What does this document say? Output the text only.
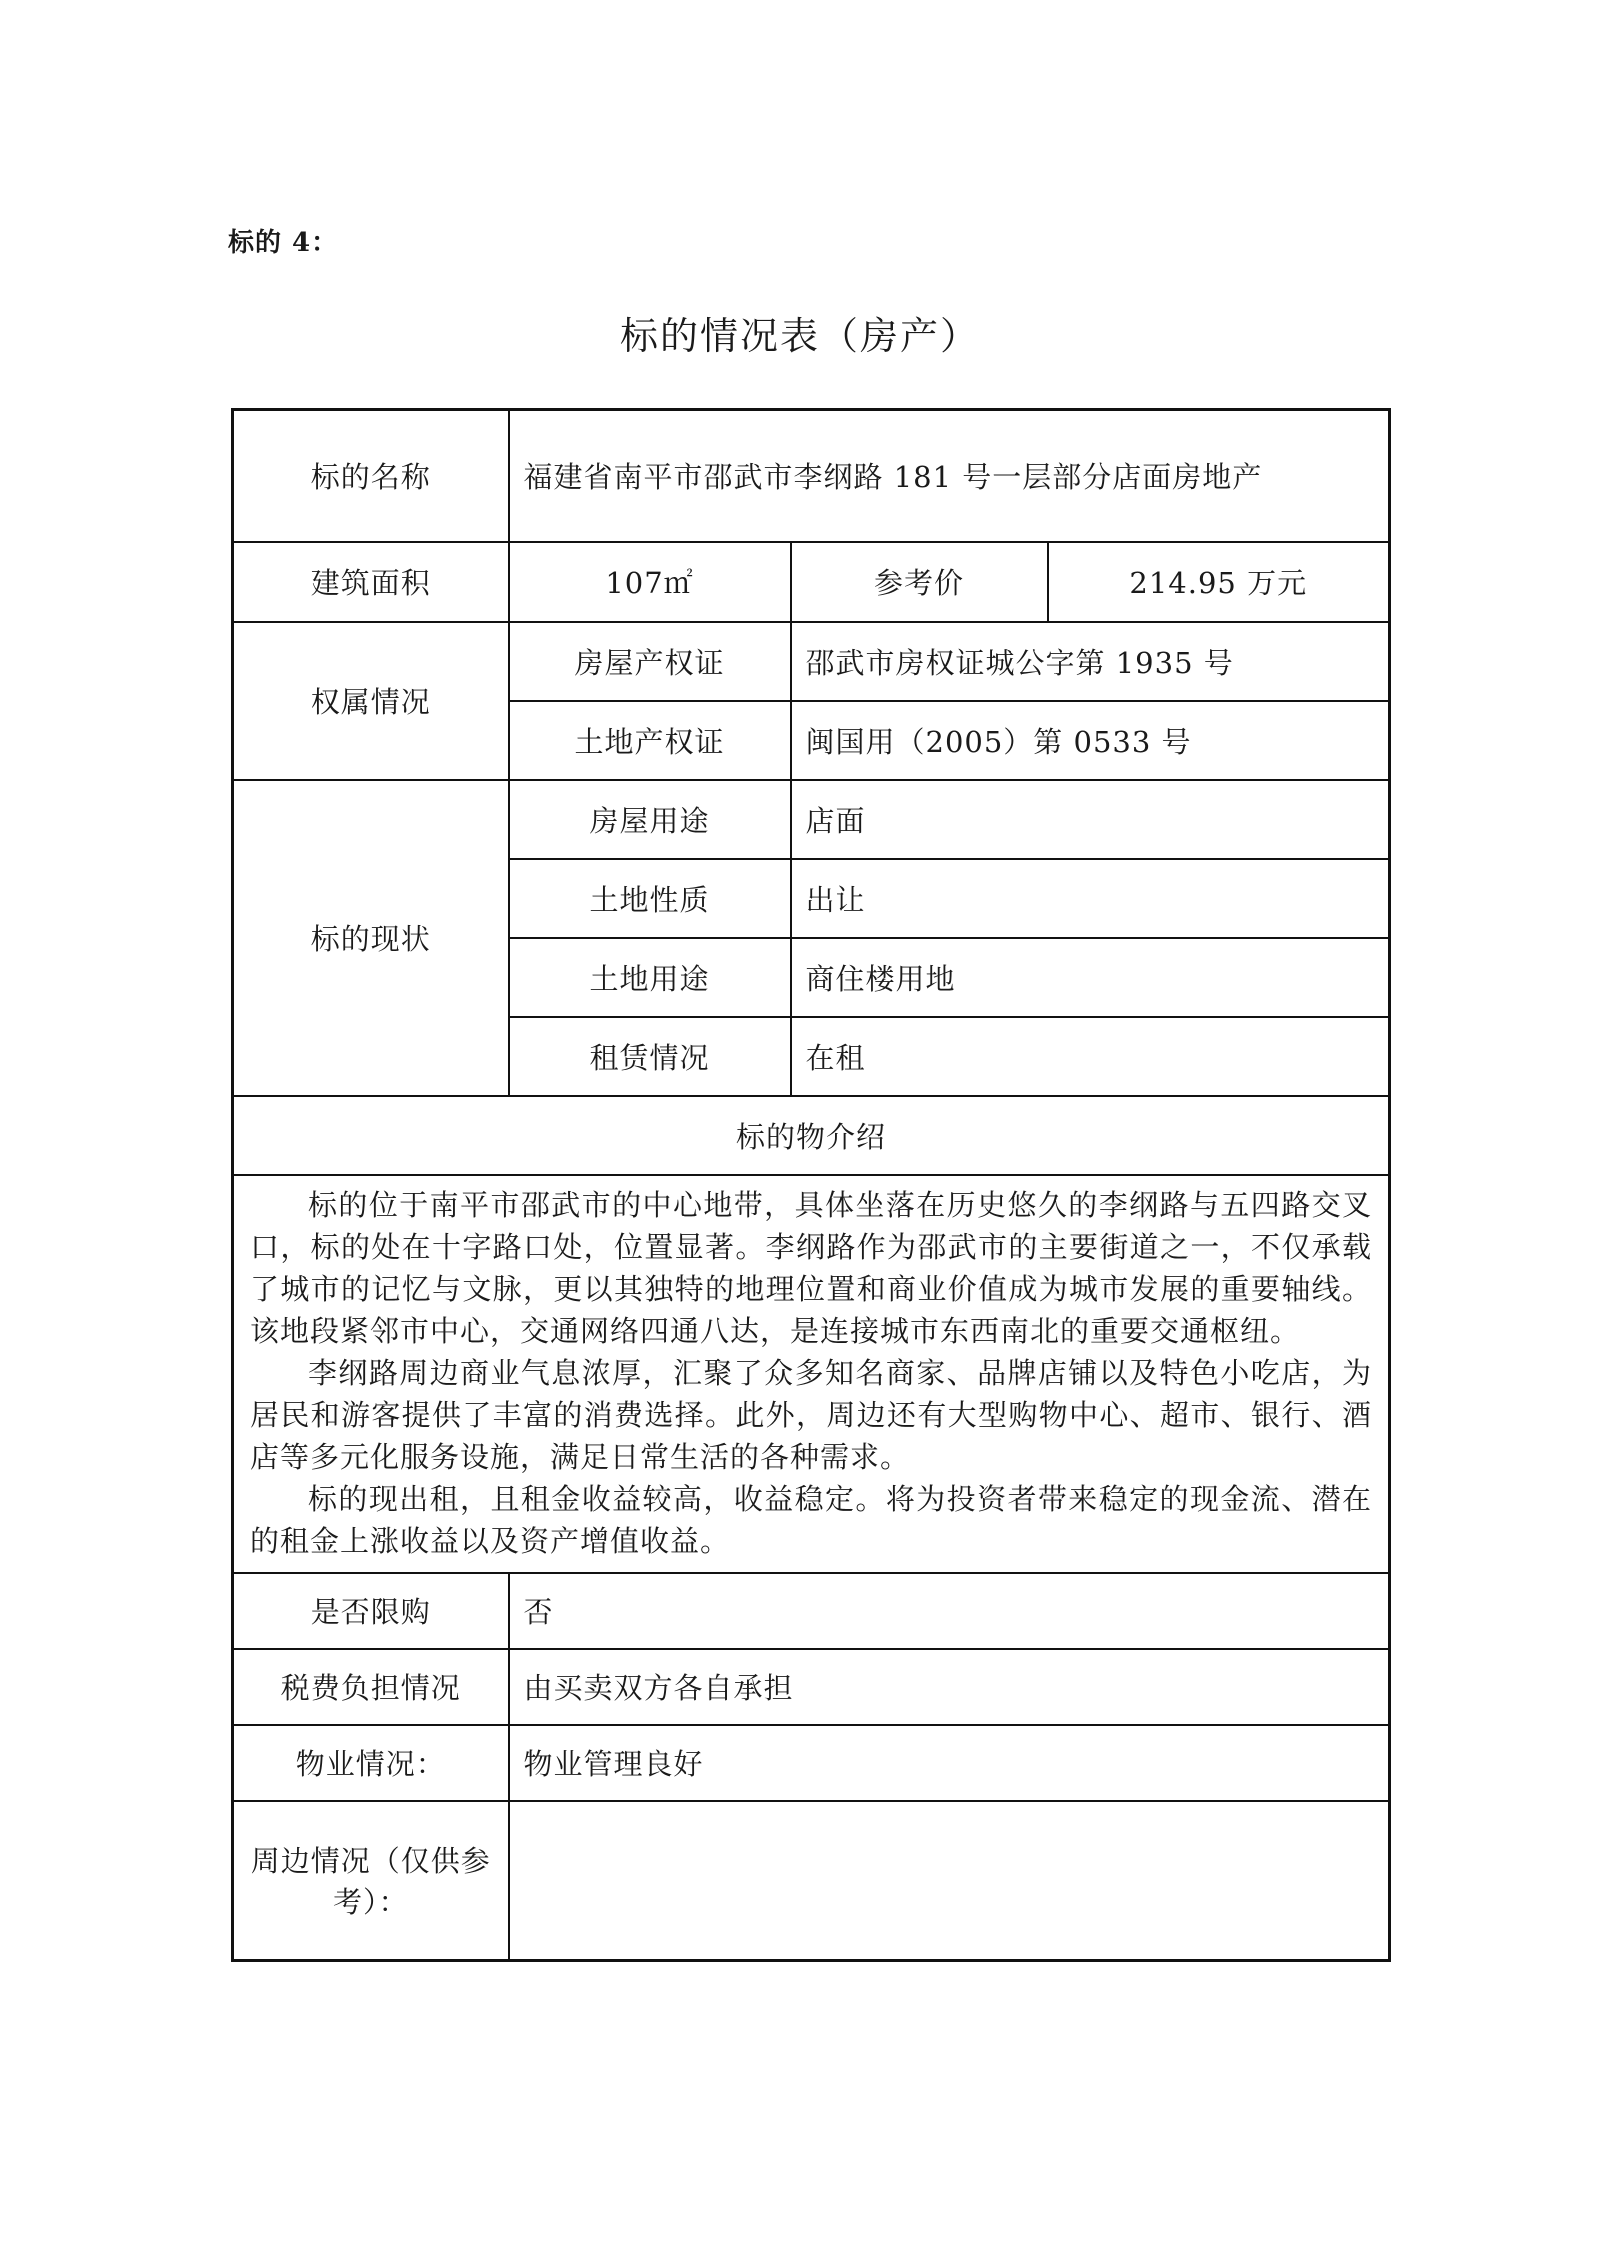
标的 4：
标的情况表（房产）
标的名称	福建省南平市邵武市李纲路 181 号一层部分店面房地产		
建筑面积	107㎡	参考价	214.95 万元
权属情况	房屋产权证	邵武市房权证城公字第 1935 号	
	土地产权证	闽国用（2005）第 0533 号	
标的现状	房屋用途	店面	
	土地性质	出让	
	土地用途	商住楼用地	
	租赁情况	在租	
标的物介绍			

标的位于南平市邵武市的中心地带，具体坐落在历史悠久的李纲路与五四路交叉口，标的处在十字路口处，位置显著。李纲路作为邵武市的主要街道之一，不仅承载了城市的记忆与文脉，更以其独特的地理位置和商业价值成为城市发展的重要轴线。该地段紧邻市中心，交通网络四通八达，是连接城市东西南北的重要交通枢纽。

李纲路周边商业气息浓厚，汇聚了众多知名商家、品牌店铺以及特色小吃店，为居民和游客提供了丰富的消费选择。此外，周边还有大型购物中心、超市、银行、酒店等多元化服务设施，满足日常生活的各种需求。

标的现出租，且租金收益较高，收益稳定。将为投资者带来稳定的现金流、潜在的租金上涨收益以及资产增值收益。			

是否限购	否		
税费负担情况	由买卖双方各自承担		
物业情况：	物业管理良好		
周边情况（仅供参考）：			
